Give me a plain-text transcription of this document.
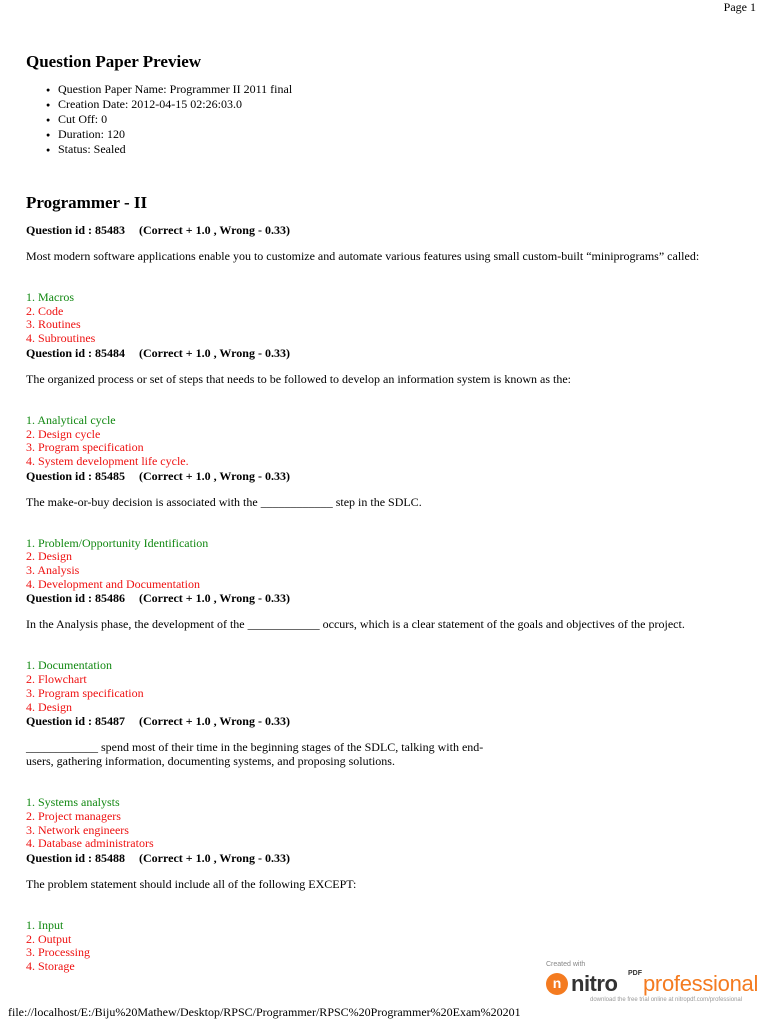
Page 1
Question Paper Preview
● Question Paper Name: Programmer II 2011 final
● Creation Date: 2012-04-15 02:26:03.0
● Cut Off: 0
● Duration: 120
● Status: Sealed
Programmer - II
Question id : 85483 (Correct + 1.0 , Wrong - 0.33)
Most modern software applications enable you to customize and automate various features using small custom-built “miniprograms” called:
1. Macros
2. Code
3. Routines
4. Subroutines
Question id : 85484 (Correct + 1.0 , Wrong - 0.33)
The organized process or set of steps that needs to be followed to develop an information system is known as the:
1. Analytical cycle
2. Design cycle
3. Program specification
4. System development life cycle.
Question id : 85485 (Correct + 1.0 , Wrong - 0.33)
The make-or-buy decision is associated with the ____________ step in the SDLC.
1. Problem/Opportunity Identification
2. Design
3. Analysis
4. Development and Documentation
Question id : 85486 (Correct + 1.0 , Wrong - 0.33)
In the Analysis phase, the development of the ____________ occurs, which is a clear statement of the goals and objectives of the project.
1. Documentation
2. Flowchart
3. Program specification
4. Design
Question id : 85487 (Correct + 1.0 , Wrong - 0.33)
____________ spend most of their time in the beginning stages of the SDLC, talking with end-users, gathering information, documenting systems, and proposing solutions.
1. Systems analysts
2. Project managers
3. Network engineers
4. Database administrators
Question id : 85488 (Correct + 1.0 , Wrong - 0.33)
The problem statement should include all of the following EXCEPT:
1. Input
2. Output
3. Processing
4. Storage	Created with
n nitro PDF professional
download the free trial online at nitropdf.com/professional
file://localhost/E:/Biju%20Mathew/Desktop/RPSC/Programmer/RPSC%20Programmer%20Exam%20201
